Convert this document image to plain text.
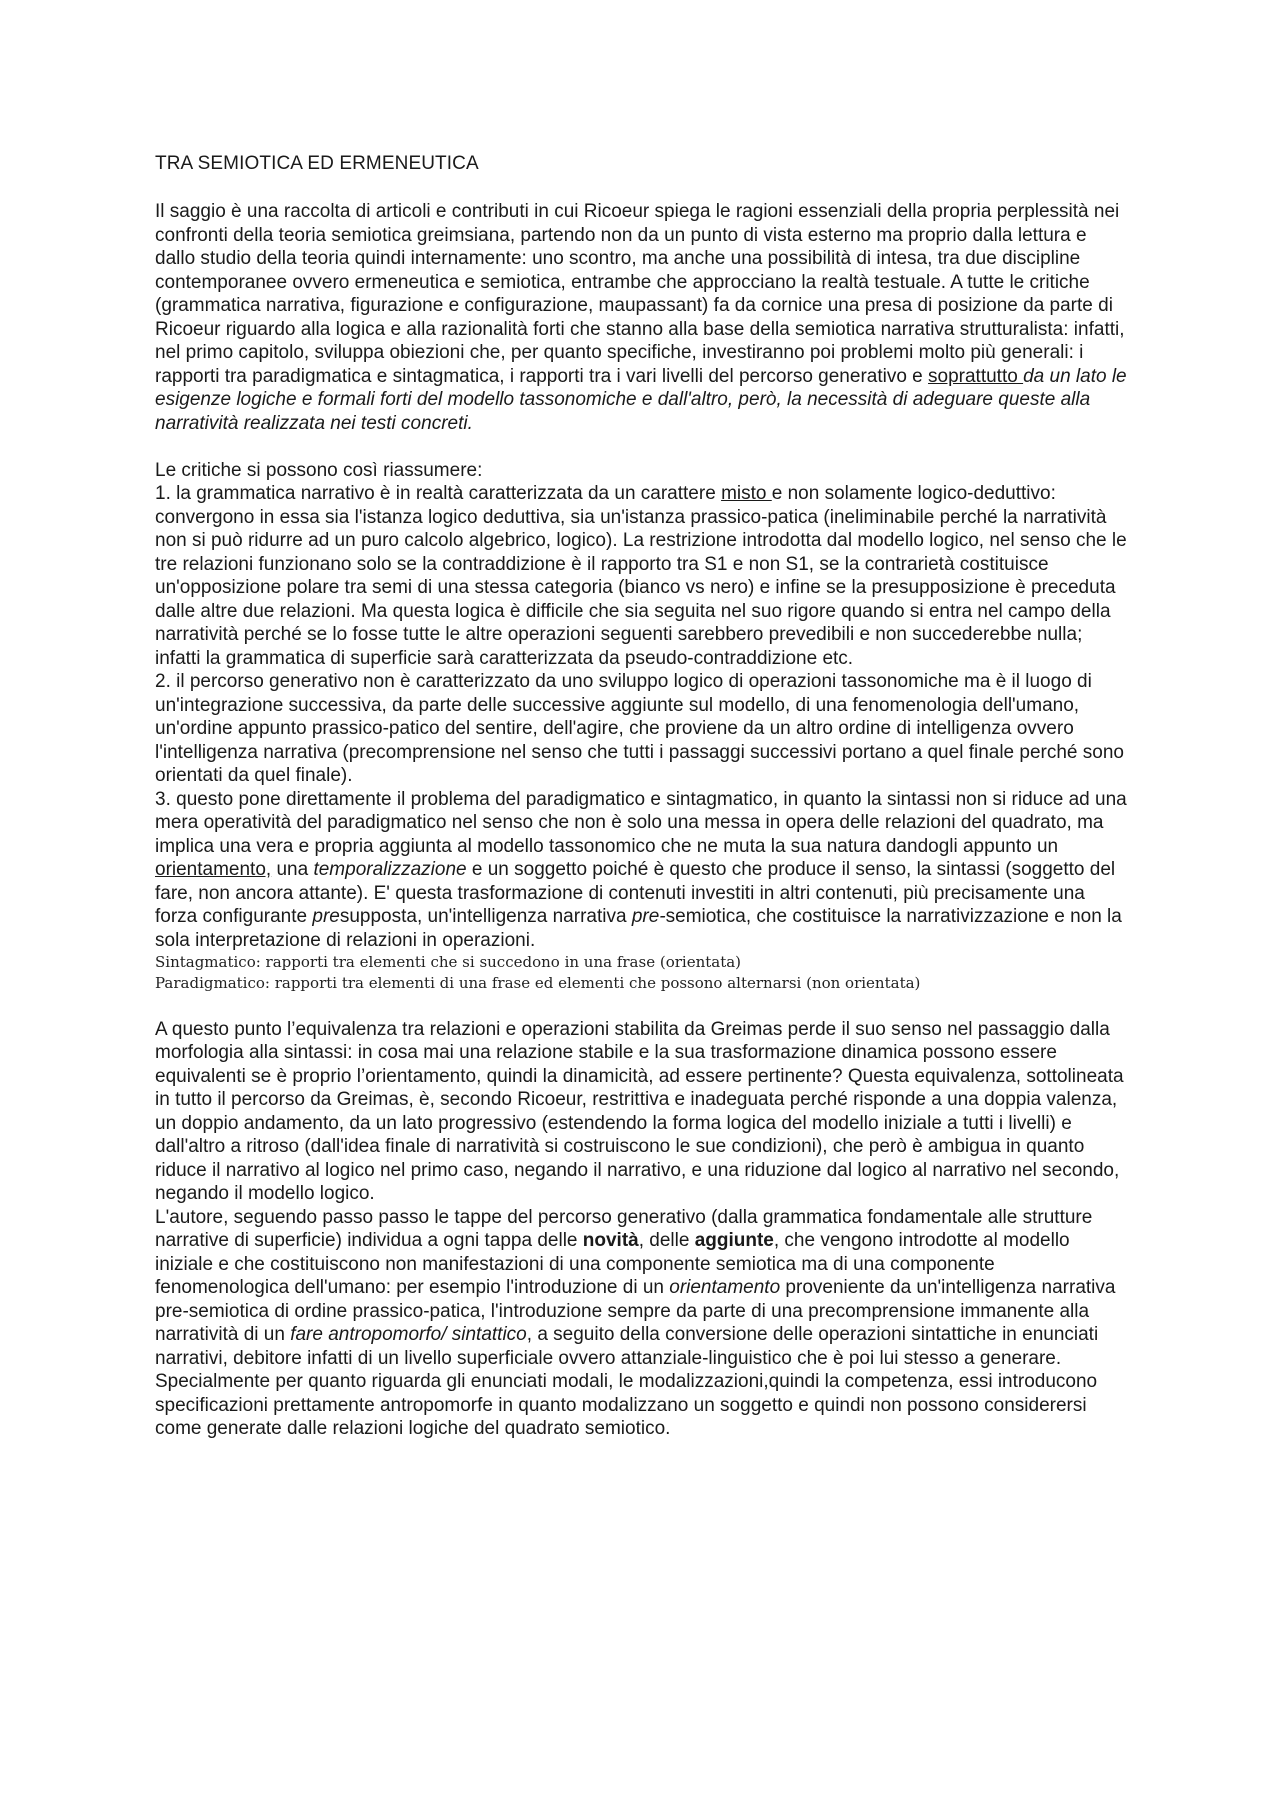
TRA SEMIOTICA ED ERMENEUTICA

Il saggio è una raccolta di articoli e contributi in cui Ricoeur spiega le ragioni essenziali della propria perplessità nei confronti della teoria semiotica greimsiana, partendo non da un punto di vista esterno ma proprio dalla lettura e dallo studio della teoria quindi internamente: uno scontro, ma anche una possibilità di intesa, tra due discipline contemporanee ovvero ermeneutica e semiotica, entrambe che approcciano la realtà testuale. A tutte le critiche (grammatica narrativa, figurazione e configurazione, maupassant) fa da cornice una presa di posizione da parte di Ricoeur riguardo alla logica e alla razionalità forti che stanno alla base della semiotica narrativa strutturalista: infatti, nel primo capitolo, sviluppa obiezioni che, per quanto specifiche, investiranno poi problemi molto più generali: i rapporti tra paradigmatica e sintagmatica, i rapporti tra i vari livelli del percorso generativo e soprattutto da un lato le esigenze logiche e formali forti del modello tassonomiche e dall'altro, però, la necessità di adeguare queste alla narratività realizzata nei testi concreti.

Le critiche si possono così riassumere:

1. la grammatica narrativo è in realtà caratterizzata da un carattere misto e non solamente logico-deduttivo: convergono in essa sia l'istanza logico deduttiva, sia un'istanza prassico-patica (ineliminabile perché la narratività non si può ridurre ad un puro calcolo algebrico, logico). La restrizione introdotta dal modello logico, nel senso che le tre relazioni funzionano solo se la contraddizione è il rapporto tra S1 e non S1, se la contrarietà costituisce un'opposizione polare tra semi di una stessa categoria (bianco vs nero) e infine se la presupposizione è preceduta dalle altre due relazioni. Ma questa logica è difficile che sia seguita nel suo rigore quando si entra nel campo della narratività perché se lo fosse tutte le altre operazioni seguenti sarebbero prevedibili e non succederebbe nulla; infatti la grammatica di superficie sarà caratterizzata da pseudo-contraddizione etc.

2. il percorso generativo non è caratterizzato da uno sviluppo logico di operazioni tassonomiche ma è il luogo di un'integrazione successiva, da parte delle successive aggiunte sul modello, di una fenomenologia dell'umano, un'ordine appunto prassico-patico del sentire, dell'agire, che proviene da un altro ordine di intelligenza ovvero l'intelligenza narrativa (precomprensione nel senso che tutti i passaggi successivi portano a quel finale perché sono orientati da quel finale).

3. questo pone direttamente il problema del paradigmatico e sintagmatico, in quanto la sintassi non si riduce ad una mera operatività del paradigmatico nel senso che non è solo una messa in opera delle relazioni del quadrato, ma implica una vera e propria aggiunta al modello tassonomico che ne muta la sua natura dandogli appunto un orientamento, una temporalizzazione e un soggetto poiché è questo che produce il senso, la sintassi (soggetto del fare, non ancora attante). E' questa trasformazione di contenuti investiti in altri contenuti, più precisamente una forza configurante presupposta, un'intelligenza narrativa pre-semiotica, che costituisce la narrativizzazione e non la sola interpretazione di relazioni in operazioni.

Sintagmatico: rapporti tra elementi che si succedono in una frase (orientata)

Paradigmatico: rapporti tra elementi di una frase ed elementi che possono alternarsi (non orientata)

A questo punto l’equivalenza tra relazioni e operazioni stabilita da Greimas perde il suo senso nel passaggio dalla morfologia alla sintassi: in cosa mai una relazione stabile e la sua trasformazione dinamica possono essere equivalenti se è proprio l’orientamento, quindi la dinamicità, ad essere pertinente? Questa equivalenza, sottolineata in tutto il percorso da Greimas, è, secondo Ricoeur, restrittiva e inadeguata perché risponde a una doppia valenza, un doppio andamento, da un lato progressivo (estendendo la forma logica del modello iniziale a tutti i livelli) e dall'altro a ritroso (dall'idea finale di narratività si costruiscono le sue condizioni), che però è ambigua in quanto riduce il narrativo al logico nel primo caso, negando il narrativo, e una riduzione dal logico al narrativo nel secondo, negando il modello logico.

L'autore, seguendo passo passo le tappe del percorso generativo (dalla grammatica fondamentale alle strutture narrative di superficie) individua a ogni tappa delle novità, delle aggiunte, che vengono introdotte al modello iniziale e che costituiscono non manifestazioni di una componente semiotica ma di una componente fenomenologica dell'umano: per esempio l'introduzione di un orientamento proveniente da un'intelligenza narrativa pre-semiotica di ordine prassico-patica, l'introduzione sempre da parte di una precomprensione immanente alla narratività di un fare antropomorfo/ sintattico, a seguito della conversione delle operazioni sintattiche in enunciati narrativi, debitore infatti di un livello superficiale ovvero attanziale-linguistico che è poi lui stesso a generare.

Specialmente per quanto riguarda gli enunciati modali, le modalizzazioni,quindi la competenza, essi introducono specificazioni prettamente antropomorfe in quanto modalizzano un soggetto e quindi non possono considerersi come generate dalle relazioni logiche del quadrato semiotico.
